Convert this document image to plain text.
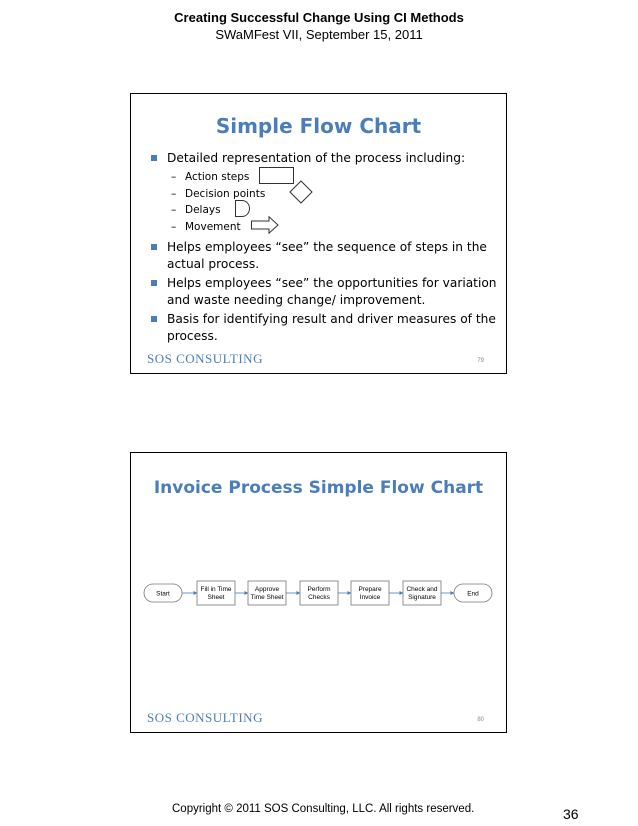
Creating Successful Change Using CI Methods
SWaMFest VII, September 15, 2011
Simple Flow Chart
Detailed representation of the process including:
– Action steps
– Decision points
– Delays
– Movement
Helps employees “see” the sequence of steps in the actual process.
Helps employees “see” the opportunities for variation and waste needing change/ improvement.
Basis for identifying result and driver measures of the process.
SOS CONSULTING	79
Invoice Process Simple Flow Chart
Start
Fill in Time
Sheet
Approve
Time Sheet
Perform
Checks
Prepare
Invoice
Check and
Signature	End
SOS CONSULTING	80
Copyright © 2011 SOS Consulting, LLC. All rights reserved.	36
